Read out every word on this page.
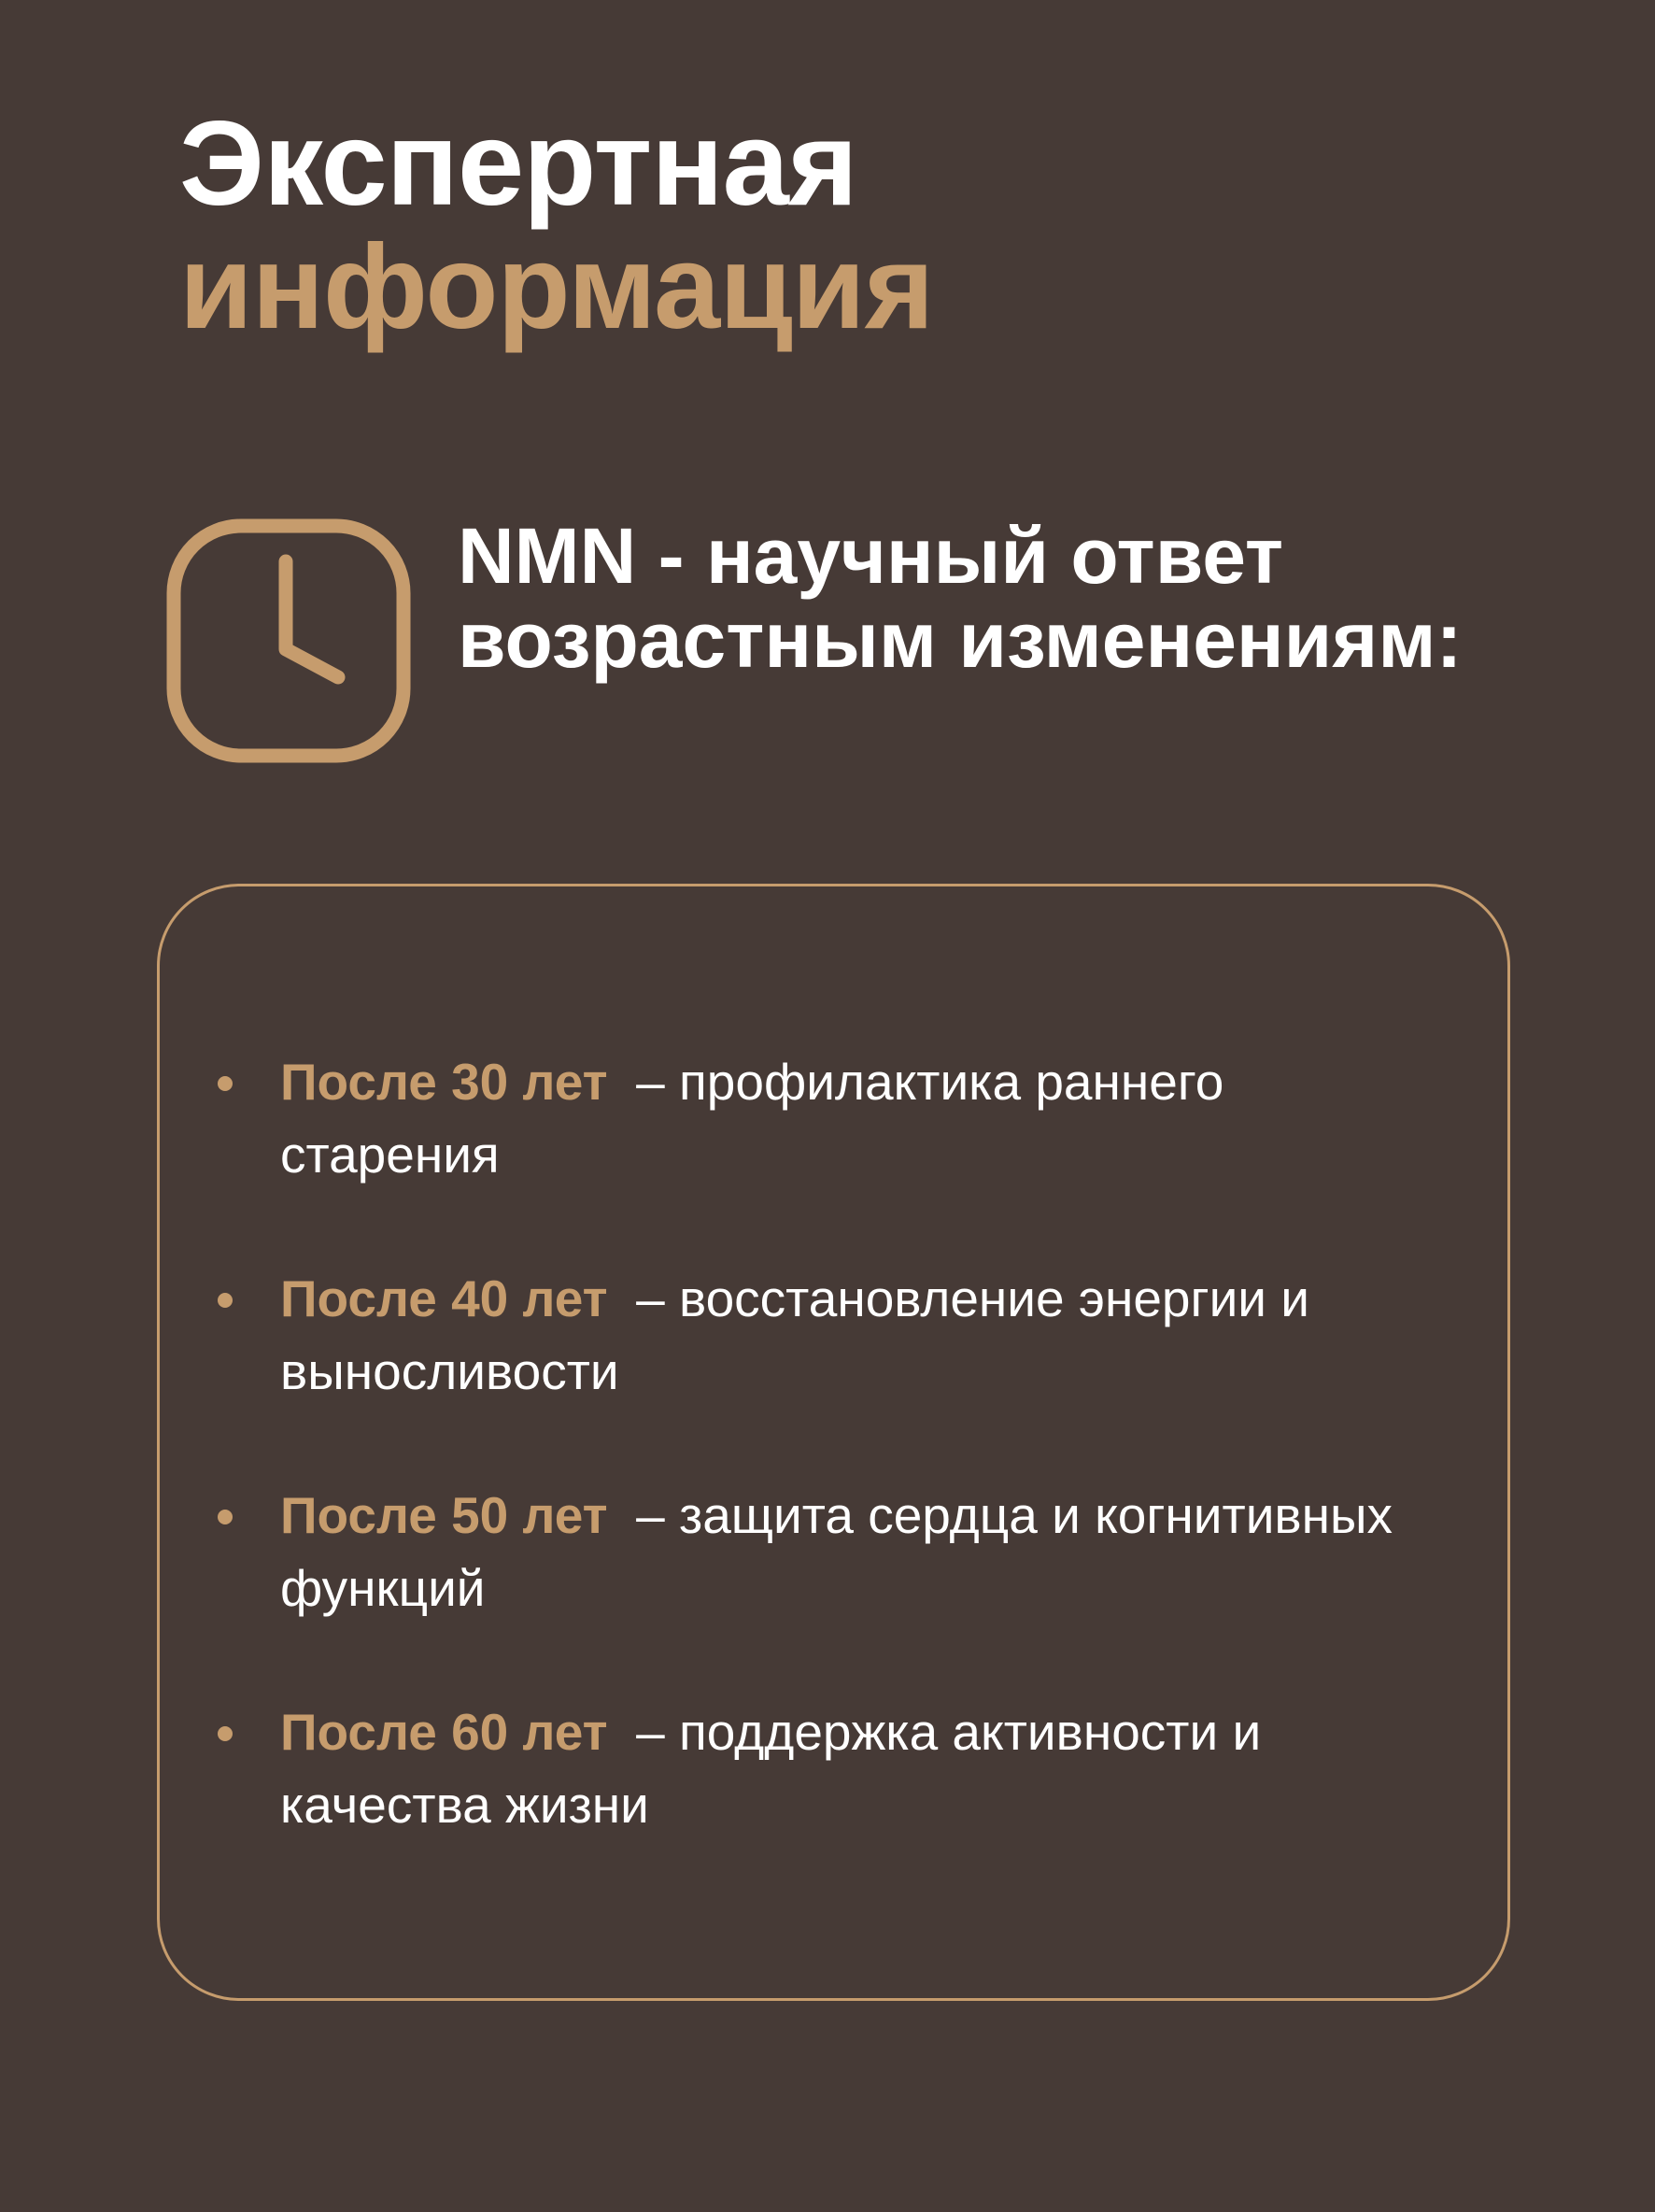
Экспертная
информация

NMN - научный ответ возрастным изменениям:

После 30 лет – профилактика раннего старения
После 40 лет – восстановление энергии и выносливости
После 50 лет – защита сердца и когнитивных функций
После 60 лет – поддержка активности и качества жизни
